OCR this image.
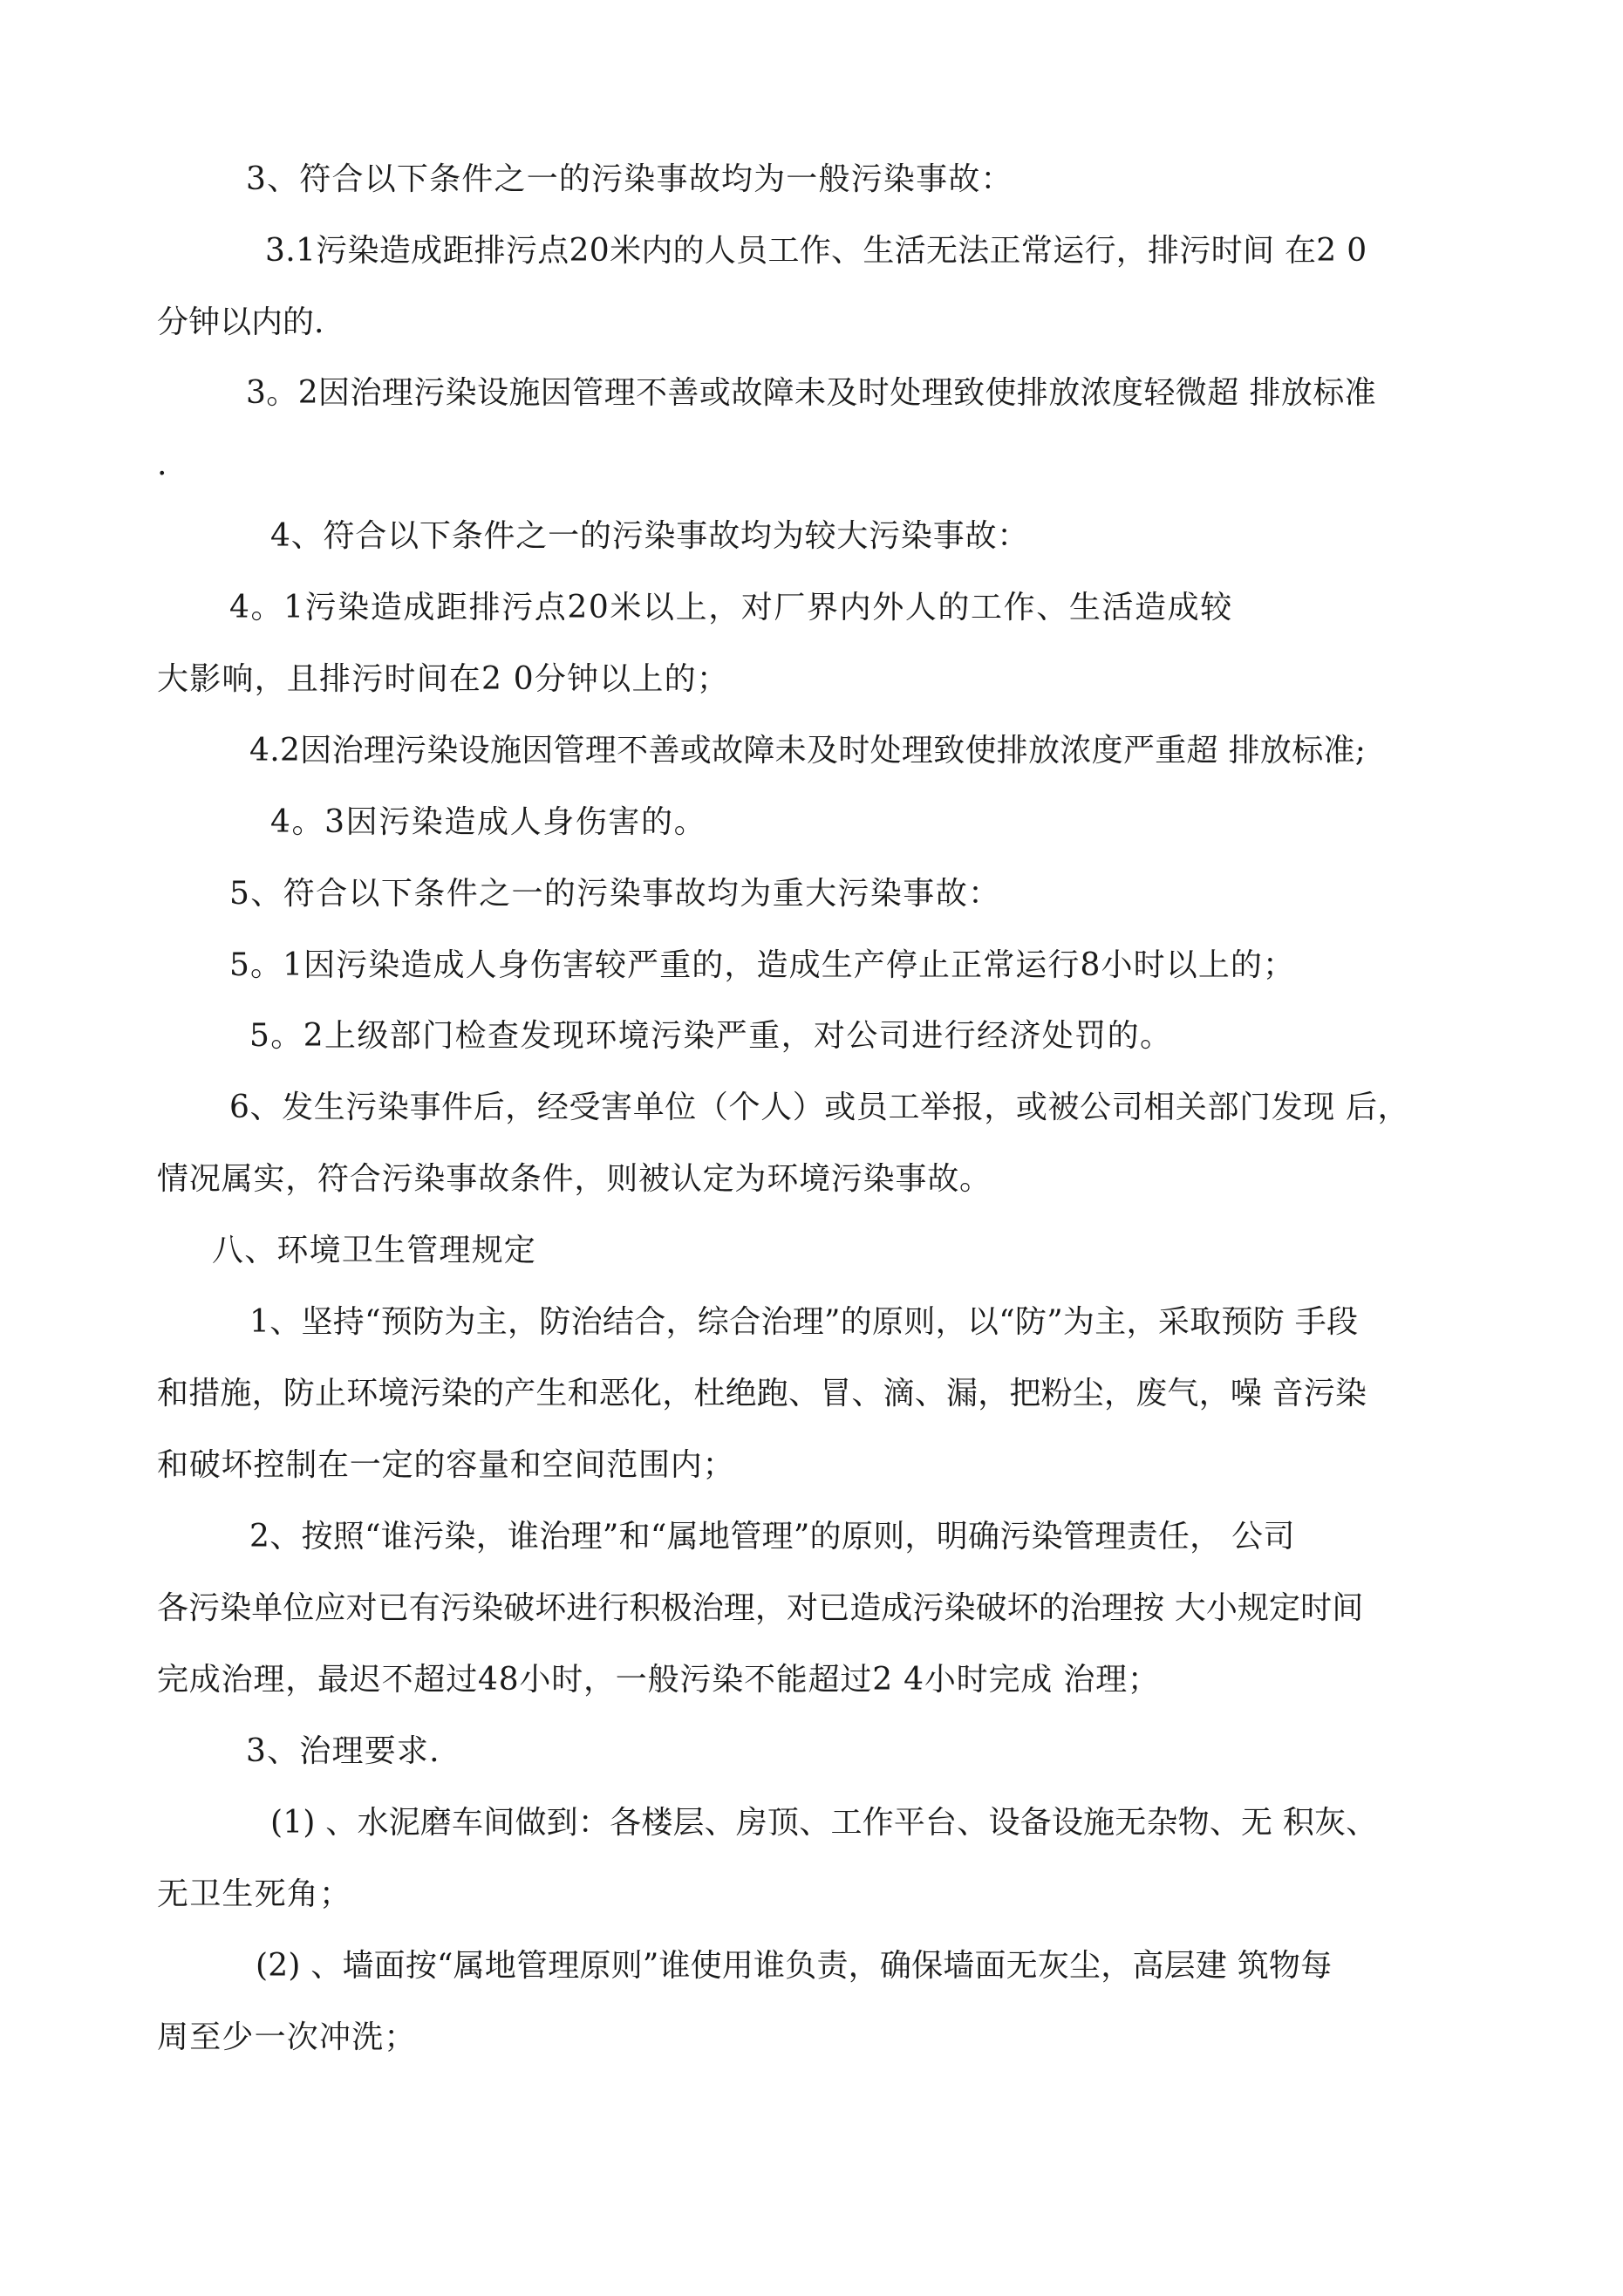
3、符合以下条件之一的污染事故均为一般污染事故：
3.1污染造成距排污点20米内的人员工作、生活无法正常运行，排污时间 在2 0
分钟以内的.
3。2因治理污染设施因管理不善或故障未及时处理致使排放浓度轻微超 排放标准
.
4、符合以下条件之一的污染事故均为较大污染事故：
4。1污染造成距排污点20米以上，对厂界内外人的工作、生活造成较
大影响，且排污时间在2 0分钟以上的；
4.2因治理污染设施因管理不善或故障未及时处理致使排放浓度严重超 排放标准;
4。3因污染造成人身伤害的。
5、符合以下条件之一的污染事故均为重大污染事故：
5。1因污染造成人身伤害较严重的，造成生产停止正常运行8小时以上的；
5。2上级部门检查发现环境污染严重，对公司进行经济处罚的。
6、发生污染事件后，经受害单位（个人）或员工举报，或被公司相关部门发现 后，
情况属实，符合污染事故条件，则被认定为环境污染事故。
八、环境卫生管理规定
1、坚持“预防为主，防治结合，综合治理”的原则，以“防”为主，采取预防 手段
和措施，防止环境污染的产生和恶化，杜绝跑、冒、滴、漏，把粉尘，废气，噪 音污染
和破坏控制在一定的容量和空间范围内；
2、按照“谁污染，谁治理”和“属地管理”的原则，明确污染管理责任， 公司
各污染单位应对已有污染破坏进行积极治理，对已造成污染破坏的治理按 大小规定时间
完成治理，最迟不超过48小时，一般污染不能超过2 4小时完成 治理；
3、治理要求.
(1) 、水泥磨车间做到：各楼层、房顶、工作平台、设备设施无杂物、无 积灰、
无卫生死角；
(2) 、墙面按“属地管理原则”谁使用谁负责，确保墙面无灰尘，高层建 筑物每
周至少一次冲洗；
